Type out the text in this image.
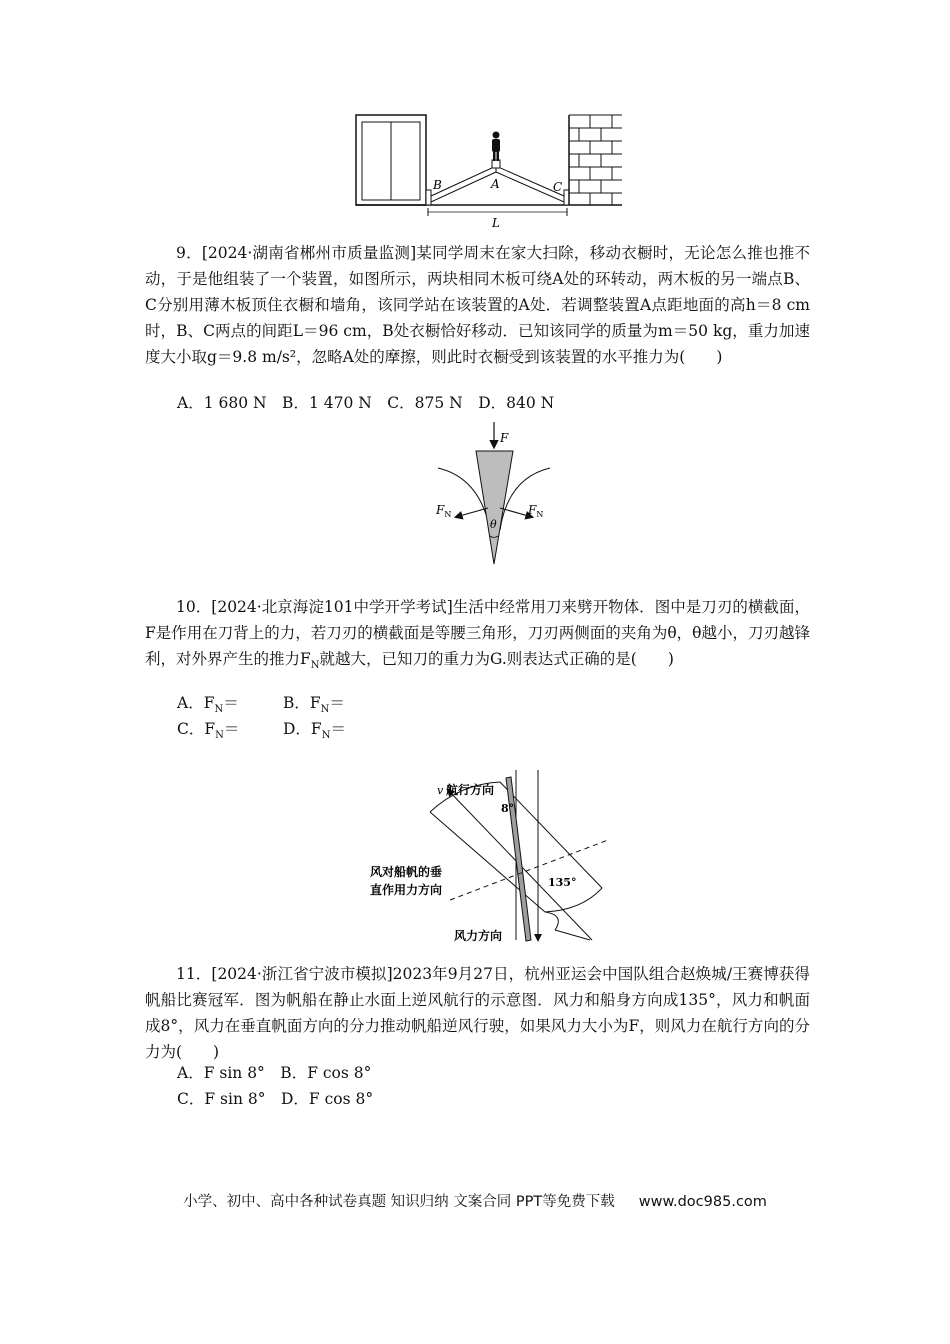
B	A	C
L
9．[2024·湖南省郴州市质量监测]某同学周末在家大扫除，移动衣橱时，无论怎么推也推不动，于是他组装了一个装置，如图所示，两块相同木板可绕A处的环转动，两木板的另一端点B、C分别用薄木板顶住衣橱和墙角，该同学站在该装置的A处．若调整装置A点距地面的高h＝8 cm时，B、C两点的间距L＝96 cm，B处衣橱恰好移动．已知该同学的质量为m＝50 kg，重力加速度大小取g＝9.8 m/s²，忽略A处的摩擦，则此时衣橱受到该装置的水平推力为(　　)
A．1 680 N　B．1 470 N　C．875 N　D．840 N
F
$F_N$	$F_N$
θ
10．[2024·北京海淀101中学开学考试]生活中经常用刀来劈开物体．图中是刀刃的横截面，F是作用在刀背上的力，若刀刃的横截面是等腰三角形，刀刃两侧面的夹角为θ，θ越小，刀刃越锋利，对外界产生的推力$F_N$就越大，已知刀的重力为G.则表达式正确的是(　　)
A．$F_N=$	B．$F_N=$
C．$F_N=$	D．$F_N=$
v 航行方向
8°
135°
风对船帆的垂
直作用力方向
风力方向
11．[2024·浙江省宁波市模拟]2023年9月27日，杭州亚运会中国队组合赵焕城/王赛博获得帆船比赛冠军．图为帆船在静止水面上逆风航行的示意图．风力和船身方向成135°，风力和帆面成8°，风力在垂直帆面方向的分力推动帆船逆风行驶，如果风力大小为F，则风力在航行方向的分力为(　　)
A．F sin 8°　B．F cos 8°
C．F sin 8°　D．F cos 8°
小学、初中、高中各种试卷真题 知识归纳 文案合同 PPT等免费下载 www.doc985.com
